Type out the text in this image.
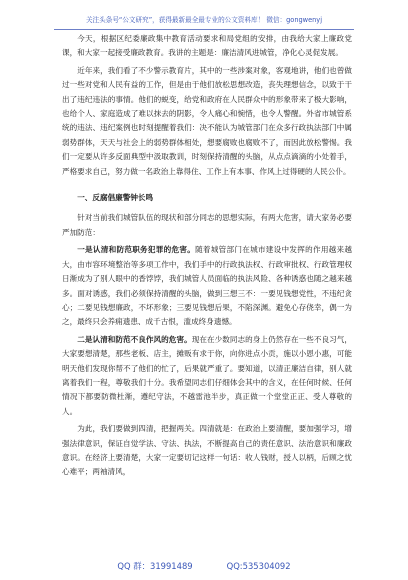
关注头条号“公文研究”，获得最新最全最专业的公文资料库！ 微信：gongwenyj

今天，根据区纪委廉政集中教育活动要求和局党组的安排，由我给大家上廉政党课，和大家一起接受廉政教育。我讲的主题是：廉洁清风进城管，净化心灵促发展。

近年来，我们看了不少警示教育片，其中的一些涉案对象，客观地讲，他们也曾做过一些对党和人民有益的工作，但是由于他们放松思想改造，丧失理想信念，以致于干出了违纪违法的事情。他们的蜕变，给党和政府在人民群众中的形象带来了极大影响，也给个人、家庭造成了难以抹去的阴影，令人痛心和惋惜，也令人警醒。外省市城管系统的违法、违纪案例也时刻提醒着我们：决不能认为城管部门在众多行政执法部门中属弱势群体，天天与社会上的弱势群体相处，想要腐败也腐败不了，而因此放松警惕。我们一定要从许多反面典型中汲取教训，时刻保持清醒的头脑，从点点滴滴的小处着手，严格要求自己，努力做一名政治上靠得住、工作上有本事、作风上过得硬的人民公仆。

一、反腐倡廉警钟长鸣

针对当前我们城管队伍的现状和部分同志的思想实际，有两大危害，请大家务必要严加防范：

一是认清和防范职务犯罪的危害。随着城管部门在城市建设中发挥的作用越来越大，由市容环境整治等多项工作中，我们手中的行政执法权、行政审批权、行政管理权日渐成为了别人眼中的香饽饽，我们城管人员面临的执法风险、各种诱惑也随之越来越多。面对诱惑，我们必须保持清醒的头脑，做到三想三不：一要见钱想党性，不违纪贪心；二要见钱想廉政，不坏形象；三要见钱想后果，不陷深渊。避免心存侥幸，偶一为之，最终只会养痈遗患、成千古恨，滥成终身遗憾。

二是认清和防范不良作风的危害。现在在少数同志的身上仍然存在一些不良习气，大家要想清楚，那些老板、店主，摊贩有求于你，向你进点小贡，施以小恩小惠，可能明天他们发现你帮不了他们的忙了，后果就严重了。要知道，以清正廉洁自律，别人就离着我们一程，尊敬我们十分。我希望同志们仔细体会其中的含义，在任何时候、任何情况下都要防微杜渐，遵纪守法，不越雷池半步，真正做一个堂堂正正、受人尊敬的人。

为此，我们要做到四清，把握两关。四清就是：在政治上要清醒，要加强学习，增强法律意识，保证自觉学法、守法、执法，不断提高自己的责任意识、法治意识和廉政意识。在经济上要清楚，大家一定要切记这样一句话：收人钱财，授人以柄，后顾之忧心难平；两袖清风，

QQ 群：31991489	QQ:535304092
